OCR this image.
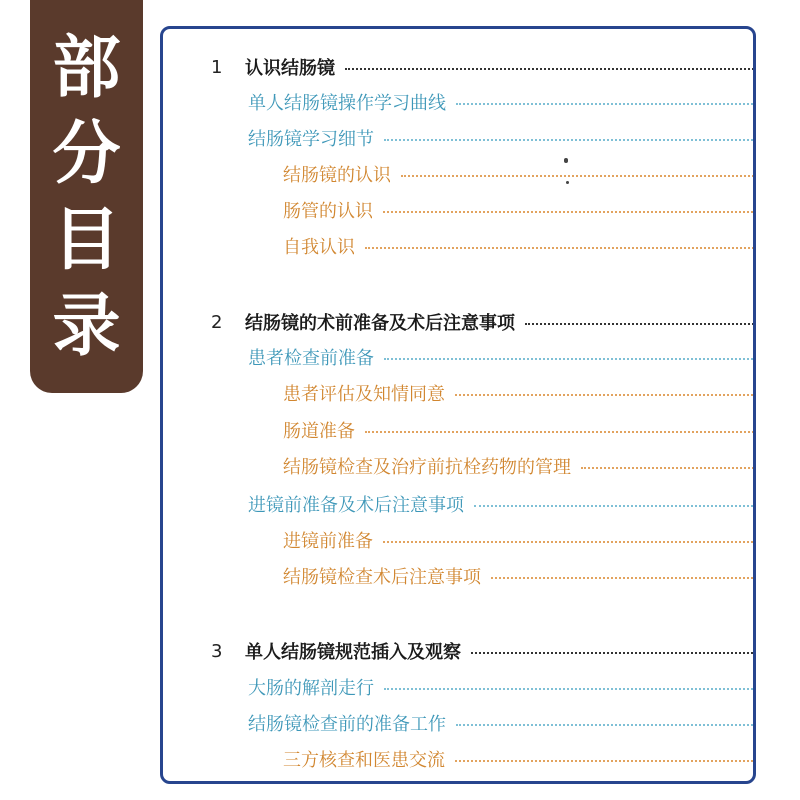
部
分
目
录
1	认识结肠镜
单人结肠镜操作学习曲线
结肠镜学习细节
结肠镜的认识
肠管的认识
自我认识
2	结肠镜的术前准备及术后注意事项
患者检查前准备
患者评估及知情同意
肠道准备
结肠镜检查及治疗前抗栓药物的管理
进镜前准备及术后注意事项
进镜前准备
结肠镜检查术后注意事项
3	单人结肠镜规范插入及观察
大肠的解剖走行
结肠镜检查前的准备工作
三方核查和医患交流
